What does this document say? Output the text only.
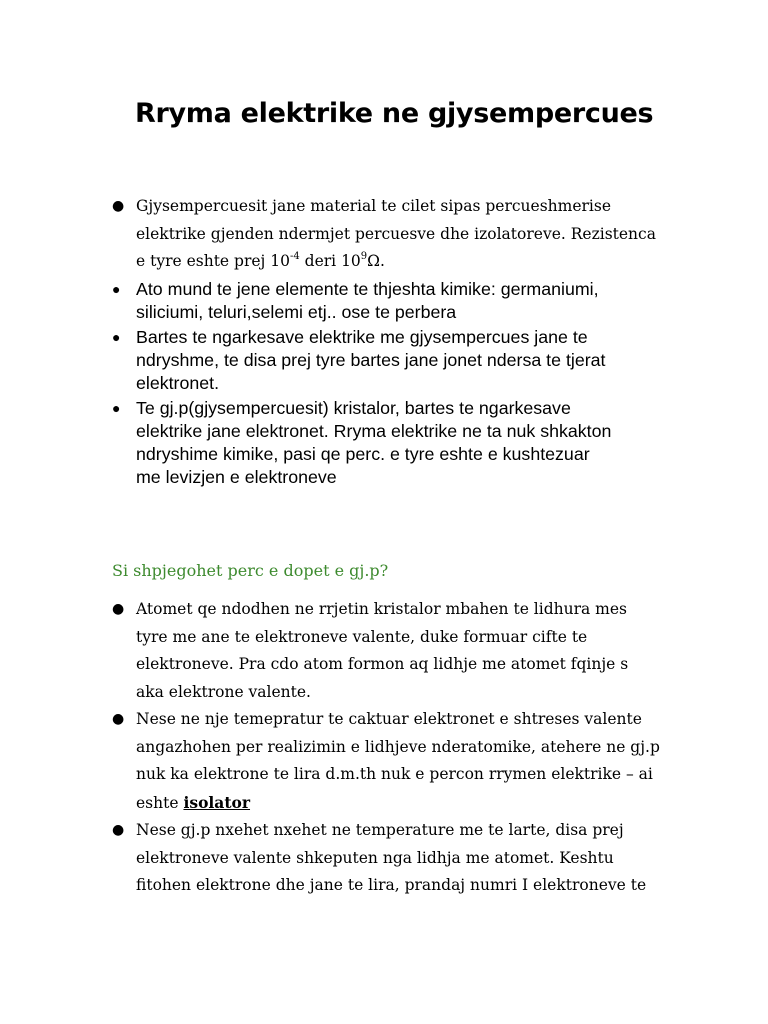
Rryma elektrike ne gjysempercues
● Gjysempercuesit jane material te cilet sipas percueshmerise
elektrike gjenden ndermjet percuesve dhe izolatoreve. Rezistenca
e tyre eshte prej $10^{-4}$ deri $10^9\Omega$.
● Ato mund te jene elemente te thjeshta kimike: germaniumi,
siliciumi, teluri,selemi etj.. ose te perbera
● Bartes te ngarkesave elektrike me gjysempercues jane te
ndryshme, te disa prej tyre bartes jane jonet ndersa te tjerat
elektronet.
● Te gj.p(gjysempercuesit) kristalor, bartes te ngarkesave
elektrike jane elektronet. Rryma elektrike ne ta nuk shkakton
ndryshime kimike, pasi qe perc. e tyre eshte e kushtezuar
me levizjen e elektroneve
Si shpjegohet perc e dopet e gj.p?
● Atomet qe ndodhen ne rrjetin kristalor mbahen te lidhura mes
tyre me ane te elektroneve valente, duke formuar cifte te
elektroneve. Pra cdo atom formon aq lidhje me atomet fqinje s
aka elektrone valente.
● Nese ne nje temepratur te caktuar elektronet e shtreses valente
angazhohen per realizimin e lidhjeve nderatomike, atehere ne gj.p
nuk ka elektrone te lira d.m.th nuk e percon rrymen elektrike – ai
eshte isolator
● Nese gj.p nxehet nxehet ne temperature me te larte, disa prej
elektroneve valente shkeputen nga lidhja me atomet. Keshtu
fitohen elektrone dhe jane te lira, prandaj numri I elektroneve te
